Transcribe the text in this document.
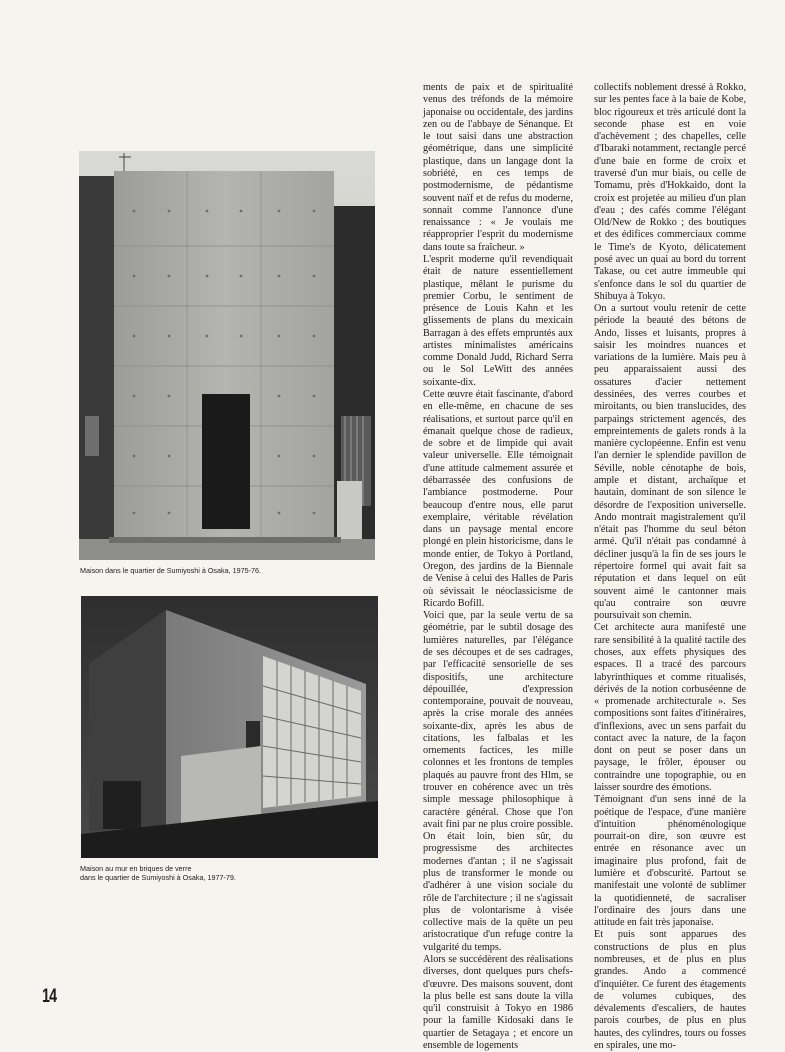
Maison dans le quartier de Sumiyoshi à Osaka, 1975-76.
Maison au mur en briques de verre
dans le quartier de Sumiyoshi à Osaka, 1977-79.

ments de paix et de spiritualité venus des tréfonds de la mémoire japonaise ou occidentale, des jardins zen ou de l'abbaye de Sénanque. Et le tout saisi dans une abstraction géométrique, dans une simplicité plastique, dans un langage dont la sobriété, en ces temps de postmodernisme, de pédantisme souvent naïf et de refus du moderne, sonnait comme l'annonce d'une renaissance : « Je voulais me réapproprier l'esprit du modernisme dans toute sa fraîcheur. »

L'esprit moderne qu'il revendiquait était de nature essentiellement plastique, mêlant le purisme du premier Corbu, le sentiment de présence de Louis Kahn et les glissements de plans du mexicain Barragan à des effets empruntés aux artistes minimalistes américains comme Donald Judd, Richard Serra ou le Sol LeWitt des années soixante-dix.

Cette œuvre était fascinante, d'abord en elle-même, en chacune de ses réalisations, et surtout parce qu'il en émanait quelque chose de radieux, de sobre et de limpide qui avait valeur universelle. Elle témoignait d'une attitude calmement assurée et débarrassée des confusions de l'ambiance postmoderne. Pour beaucoup d'entre nous, elle parut exemplaire, véritable révélation dans un paysage mental encore plongé en plein historicisme, dans le monde entier, de Tokyo à Portland, Oregon, des jardins de la Biennale de Venise à celui des Halles de Paris où sévissait le néoclassicisme de Ricardo Bofill.

Voici que, par la seule vertu de sa géométrie, par le subtil dosage des lumières naturelles, par l'élégance de ses découpes et de ses cadrages, par l'efficacité sensorielle de ses dispositifs, une architecture dépouillée, d'expression contemporaine, pouvait de nouveau, après la crise morale des années soixante-dix, après les abus de citations, les falbalas et les ornements factices, les mille colonnes et les frontons de temples plaqués au pauvre front des Hlm, se trouver en cohérence avec un très simple message philosophique à caractère général. Chose que l'on avait fini par ne plus croire possible. On était loin, bien sûr, du progressisme des architectes modernes d'antan ; il ne s'agissait plus de transformer le monde ou d'adhérer à une vision sociale du rôle de l'architecture ; il ne s'agissait plus de volontarisme à visée collective mais de la quête un peu aristocratique d'un refuge contre la vulgarité du temps.

Alors se succédèrent des réalisations diverses, dont quelques purs chefs-d'œuvre. Des maisons souvent, dont la plus belle est sans doute la villa qu'il construisit à Tokyo en 1986 pour la famille Kidosaki dans le quartier de Setagaya ; et encore un ensemble de logements

collectifs noblement dressé à Rokko, sur les pentes face à la baie de Kobe, bloc rigoureux et très articulé dont la seconde phase est en voie d'achèvement ; des chapelles, celle d'Ibaraki notamment, rectangle percé d'une baie en forme de croix et traversé d'un mur biais, ou celle de Tomamu, près d'Hokkaido, dont la croix est projetée au milieu d'un plan d'eau ; des cafés comme l'élégant Old/New de Rokko ; des boutiques et des édifices commerciaux comme le Time's de Kyoto, délicatement posé avec un quai au bord du torrent Takase, ou cet autre immeuble qui s'enfonce dans le sol du quartier de Shibuya à Tokyo.

On a surtout voulu retenir de cette période la beauté des bétons de Ando, lisses et luisants, propres à saisir les moindres nuances et variations de la lumière. Mais peu à peu apparaissaient aussi des ossatures d'acier nettement dessinées, des verres courbes et miroitants, ou bien translucides, des parpaings strictement agencés, des empreintements de galets ronds à la manière cyclopéenne. Enfin est venu l'an dernier le splendide pavillon de Séville, noble cénotaphe de bois, ample et distant, archaïque et hautain, dominant de son silence le désordre de l'exposition universelle. Ando montrait magistralement qu'il n'était pas l'homme du seul béton armé. Qu'il n'était pas condamné à décliner jusqu'à la fin de ses jours le répertoire formel qui avait fait sa réputation et dans lequel on eût souvent aimé le cantonner mais qu'au contraire son œuvre poursuivait son chemin.

Cet architecte aura manifesté une rare sensibilité à la qualité tactile des choses, aux effets physiques des espaces. Il a tracé des parcours labyrinthiques et comme ritualisés, dérivés de la notion corbuséenne de « promenade architecturale ». Ses compositions sont faites d'itinéraires, d'inflexions, avec un sens parfait du contact avec la nature, de la façon dont on peut se poser dans un paysage, le frôler, épouser ou contraindre une topographie, ou en laisser sourdre des émotions.

Témoignant d'un sens inné de la poétique de l'espace, d'une manière d'intuition phénoménologique pourrait-on dire, son œuvre est entrée en résonance avec un imaginaire plus profond, fait de lumière et d'obscurité. Partout se manifestait une volonté de sublimer la quotidienneté, de sacraliser l'ordinaire des jours dans une attitude en fait très japonaise.

Et puis sont apparues des constructions de plus en plus nombreuses, et de plus en plus grandes. Ando a commencé d'inquiéter. Ce furent des étagements de volumes cubiques, des dévalements d'escaliers, de hautes parois courbes, de plus en plus hautes, des cylindres, tours ou fosses en spirales, une mo-

14
